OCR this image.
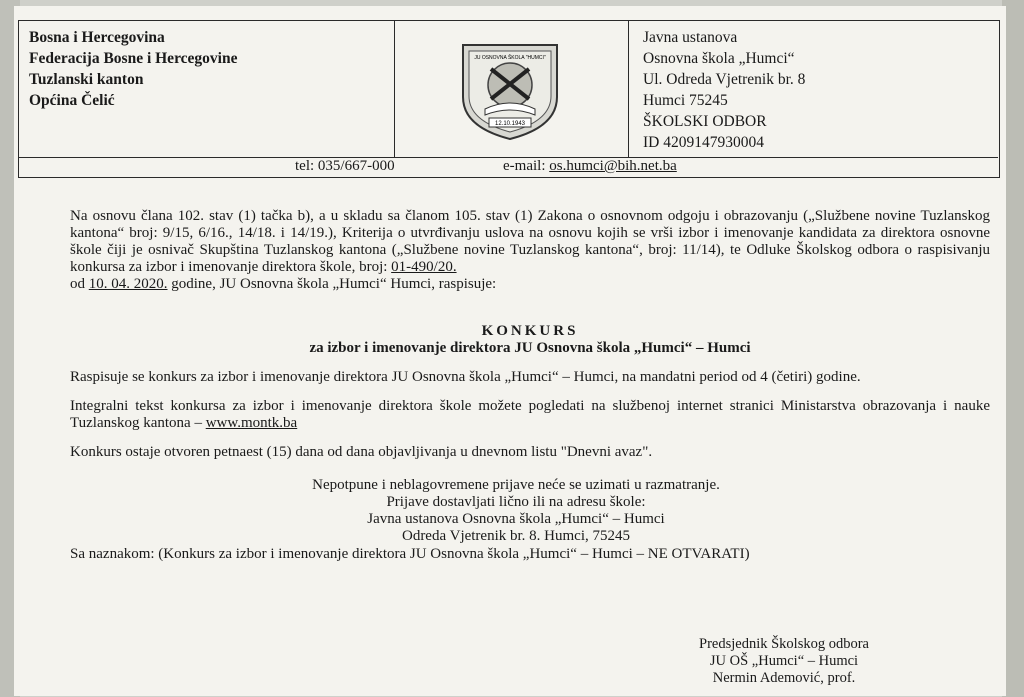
Bosna i Hercegovina
Federacija Bosne i Hercegovine
Tuzlanski kanton
Općina Čelić
12.10.1943
JU OSNOVNA ŠKOLA "HUMCI"
Javna ustanova
Osnovna škola „Humci“
Ul. Odreda Vjetrenik br. 8
Humci 75245
ŠKOLSKI ODBOR
ID 4209147930004
tel: 035/667-000	e-mail: os.humci@bih.net.ba

Na osnovu člana 102. stav (1) tačka b), a u skladu sa članom 105. stav (1) Zakona o osnovnom odgoju i obrazovanju („Službene novine Tuzlanskog kantona“ broj: 9/15, 6/16., 14/18. i 14/19.), Kriterija o utvrđivanju uslova na osnovu kojih se vrši izbor i imenovanje kandidata za direktora osnovne škole čiji je osnivač Skupština Tuzlanskog kantona („Službene novine Tuzlanskog kantona“, broj: 11/14), te Odluke Školskog odbora o raspisivanju konkursa za izbor i imenovanje direktora škole, broj: 01-490/20.
od 10. 04. 2020. godine, JU Osnovna škola „Humci“ Humci, raspisuje:

KONKURS

za izbor i imenovanje direktora JU Osnovna škola „Humci“ – Humci

Raspisuje se konkurs za izbor i imenovanje direktora JU Osnovna škola „Humci“ – Humci, na mandatni period od 4 (četiri) godine.

Integralni tekst konkursa za izbor i imenovanje direktora škole možete pogledati na službenoj internet stranici Ministarstva obrazovanja i nauke Tuzlanskog kantona – www.montk.ba

Konkurs ostaje otvoren petnaest (15) dana od dana objavljivanja u dnevnom listu "Dnevni avaz".

Nepotpune i neblagovremene prijave neće se uzimati u razmatranje.
Prijave dostavljati lično ili na adresu škole:
Javna ustanova Osnovna škola „Humci“ – Humci
Odreda Vjetrenik br. 8. Humci, 75245

Sa naznakom: (Konkurs za izbor i imenovanje direktora JU Osnovna škola „Humci“ – Humci – NE OTVARATI)

Predsjednik Školskog odbora
JU OŠ „Humci“ – Humci
Nermin Ademović, prof.
